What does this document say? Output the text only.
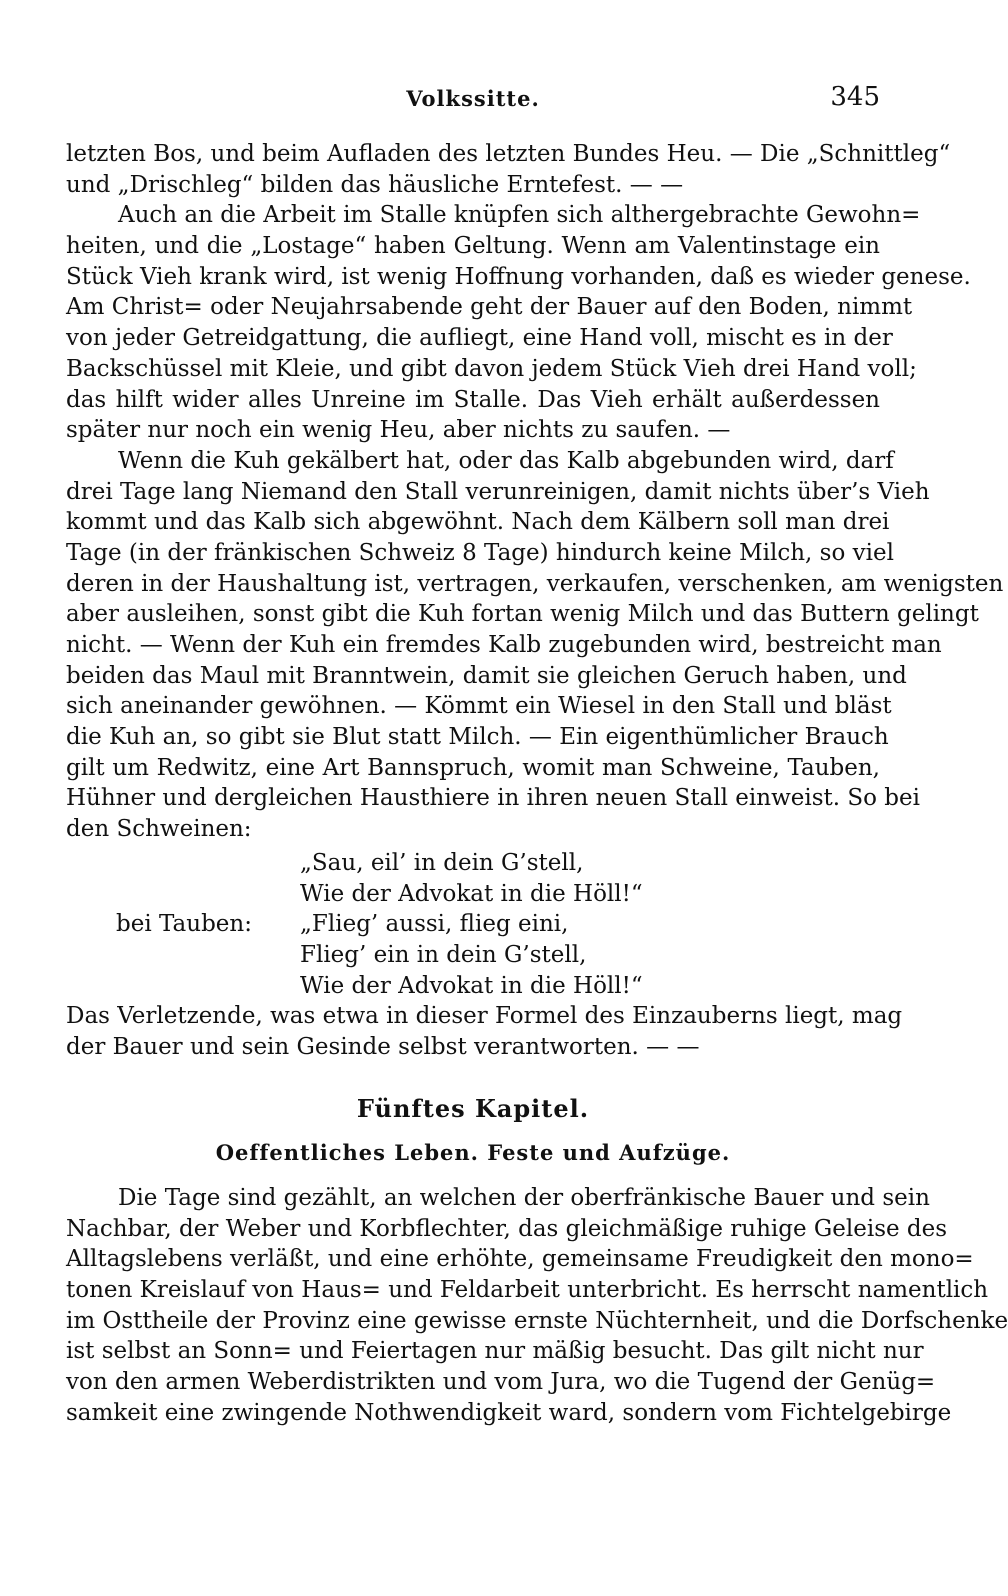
Volkssitte.	345
letzten Bos, und beim Aufladen des letzten Bundes Heu. — Die „Schnittleg“
und „Drischleg“ bilden das häusliche Erntefest. — —
Auch an die Arbeit im Stalle knüpfen sich althergebrachte Gewohn=
heiten, und die „Lostage“ haben Geltung. Wenn am Valentinstage ein
Stück Vieh krank wird, ist wenig Hoffnung vorhanden, daß es wieder genese.
Am Christ= oder Neujahrsabende geht der Bauer auf den Boden, nimmt
von jeder Getreidgattung, die aufliegt, eine Hand voll, mischt es in der
Backschüssel mit Kleie, und gibt davon jedem Stück Vieh drei Hand voll;
das hilft wider alles Unreine im Stalle. Das Vieh erhält außerdessen
später nur noch ein wenig Heu, aber nichts zu saufen. —
Wenn die Kuh gekälbert hat, oder das Kalb abgebunden wird, darf
drei Tage lang Niemand den Stall verunreinigen, damit nichts über’s Vieh
kommt und das Kalb sich abgewöhnt. Nach dem Kälbern soll man drei
Tage (in der fränkischen Schweiz 8 Tage) hindurch keine Milch, so viel
deren in der Haushaltung ist, vertragen, verkaufen, verschenken, am wenigsten
aber ausleihen, sonst gibt die Kuh fortan wenig Milch und das Buttern gelingt
nicht. — Wenn der Kuh ein fremdes Kalb zugebunden wird, bestreicht man
beiden das Maul mit Branntwein, damit sie gleichen Geruch haben, und
sich aneinander gewöhnen. — Kömmt ein Wiesel in den Stall und bläst
die Kuh an, so gibt sie Blut statt Milch. — Ein eigenthümlicher Brauch
gilt um Redwitz, eine Art Bannspruch, womit man Schweine, Tauben,
Hühner und dergleichen Hausthiere in ihren neuen Stall einweist. So bei
den Schweinen:
„Sau, eil’ in dein G’stell,
Wie der Advokat in die Höll!“
bei Tauben: „Flieg’ aussi, flieg eini,
Flieg’ ein in dein G’stell,
Wie der Advokat in die Höll!“
Das Verletzende, was etwa in dieser Formel des Einzauberns liegt, mag
der Bauer und sein Gesinde selbst verantworten. — —
Fünftes Kapitel.
Oeffentliches Leben. Feste und Aufzüge.
Die Tage sind gezählt, an welchen der oberfränkische Bauer und sein
Nachbar, der Weber und Korbflechter, das gleichmäßige ruhige Geleise des
Alltagslebens verläßt, und eine erhöhte, gemeinsame Freudigkeit den mono=
tonen Kreislauf von Haus= und Feldarbeit unterbricht. Es herrscht namentlich
im Osttheile der Provinz eine gewisse ernste Nüchternheit, und die Dorfschenke
ist selbst an Sonn= und Feiertagen nur mäßig besucht. Das gilt nicht nur
von den armen Weberdistrikten und vom Jura, wo die Tugend der Genüg=
samkeit eine zwingende Nothwendigkeit ward, sondern vom Fichtelgebirge
